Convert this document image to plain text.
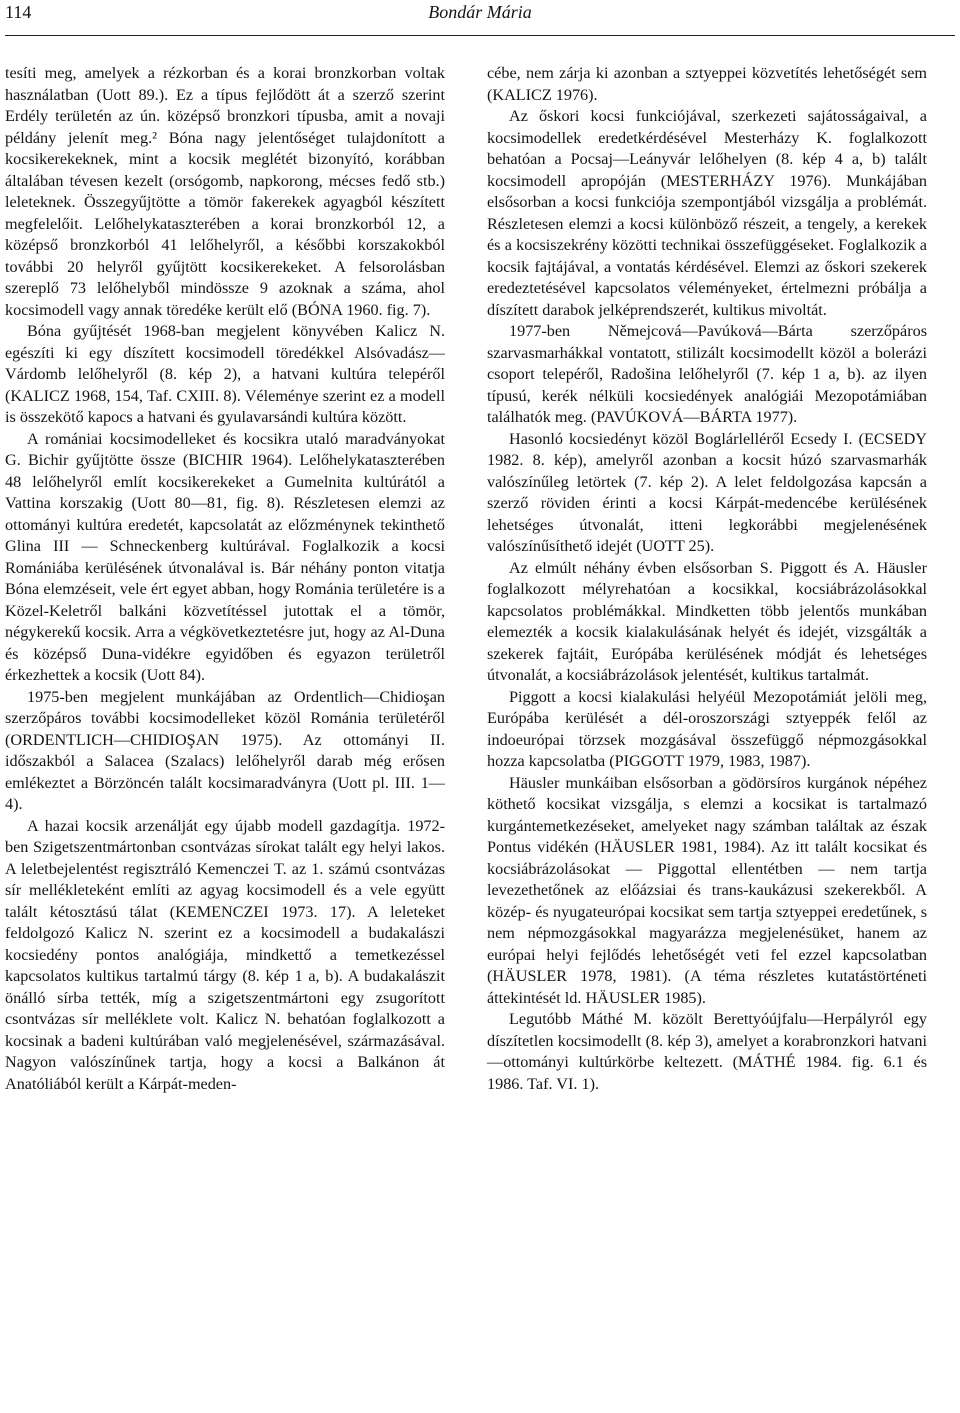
114	Bondár Mária

tesíti meg, amelyek a rézkorban és a korai bronzkorban voltak használatban (Uott 89.). Ez a típus fejlődött át a szerző szerint Erdély területén az ún. középső bronzkori típusba, amit a novaji példány jelenít meg.² Bóna nagy jelentőséget tulajdonított a kocsikerekeknek, mint a kocsik meglétét bizonyító, korábban általában tévesen kezelt (orsógomb, napkorong, mécses fedő stb.) leleteknek. Összegyűjtötte a tömör fakerekek agyagból készített megfelelőit. Lelőhelykataszterében a korai bronzkorból 12, a középső bronzkorból 41 lelőhelyről, a későbbi korszakokból további 20 helyről gyűjtött kocsikerekeket. A felsorolásban szereplő 73 lelőhelyből mindössze 9 azoknak a száma, ahol kocsimodell vagy annak töredéke került elő (BÓNA 1960. fig. 7).

Bóna gyűjtését 1968-ban megjelent könyvében Kalicz N. egészíti ki egy díszített kocsimodell töredékkel Alsóvadász—Várdomb lelőhelyről (8. kép 2), a hatvani kultúra telepéről (KALICZ 1968, 154, Taf. CXIII. 8). Véleménye szerint ez a modell is összekötő kapocs a hatvani és gyulavarsándi kultúra között.

A romániai kocsimodelleket és kocsikra utaló maradványokat G. Bichir gyűjtötte össze (BICHIR 1964). Lelőhelykataszterében 48 lelőhelyről említ kocsikerekeket a Gumelnita kultúrától a Vattina korszakig (Uott 80—81, fig. 8). Részletesen elemzi az ottományi kultúra eredetét, kapcsolatát az előzménynek tekinthető Glina III — Schneckenberg kultúrával. Foglalkozik a kocsi Romániába kerülésének útvonalával is. Bár néhány ponton vitatja Bóna elemzéseit, vele ért egyet abban, hogy Románia területére is a Közel-Keletről balkáni közvetítéssel jutottak el a tömör, négykerekű kocsik. Arra a végkövetkeztetésre jut, hogy az Al-Duna és középső Duna-vidékre egyidőben és egyazon területről érkezhettek a kocsik (Uott 84).

1975-ben megjelent munkájában az Ordentlich—Chidioşan szerzőpáros további kocsimodelleket közöl Románia területéről (ORDENTLICH—CHIDIOŞAN 1975). Az ottományi II. időszakból a Salacea (Szalacs) lelőhelyről darab még erősen emlékeztet a Börzöncén talált kocsimaradványra (Uott pl. III. 1—4).

A hazai kocsik arzenálját egy újabb modell gazdagítja. 1972-ben Szigetszentmártonban csontvázas sírokat talált egy helyi lakos. A leletbejelentést regisztráló Kemenczei T. az 1. számú csontvázas sír mellékleteként említi az agyag kocsimodell és a vele együtt talált kétosztású tálat (KEMENCZEI 1973. 17). A leleteket feldolgozó Kalicz N. szerint ez a kocsimodell a budakalászi kocsiedény pontos analógiája, mindkettő a temetkezéssel kapcsolatos kultikus tartalmú tárgy (8. kép 1 a, b). A budakalászit önálló sírba tették, míg a szigetszentmártoni egy zsugorított csontvázas sír melléklete volt. Kalicz N. behatóan foglalkozott a kocsinak a badeni kultúrában való megjelenésével, származásával. Nagyon valószínűnek tartja, hogy a kocsi a Balkánon át Anatóliából került a Kárpát-meden-

cébe, nem zárja ki azonban a sztyeppei közvetítés lehetőségét sem (KALICZ 1976).

Az őskori kocsi funkciójával, szerkezeti sajátosságaival, a kocsimodellek eredetkérdésével Mesterházy K. foglalkozott behatóan a Pocsaj—Leányvár lelőhelyen (8. kép 4 a, b) talált kocsimodell apropóján (MESTERHÁZY 1976). Munkájában elsősorban a kocsi funkciója szempontjából vizsgálja a problémát. Részletesen elemzi a kocsi különböző részeit, a tengely, a kerekek és a kocsiszekrény közötti technikai összefüggéseket. Foglalkozik a kocsik fajtájával, a vontatás kérdésével. Elemzi az őskori szekerek eredeztetésével kapcsolatos véleményeket, értelmezni próbálja a díszített darabok jelképrendszerét, kultikus mivoltát.

1977-ben Němejcová—Pavúková—Bárta szerzőpáros szarvasmarhákkal vontatott, stilizált kocsimodellt közöl a bolerázi csoport telepéről, Radošina lelőhelyről (7. kép 1 a, b). az ilyen típusú, kerék nélküli kocsiedények analógiái Mezopotámiában találhatók meg. (PAVÚKOVÁ—BÁRTA 1977).

Hasonló kocsiedényt közöl Boglárlelléről Ecsedy I. (ECSEDY 1982. 8. kép), amelyről azonban a kocsit húzó szarvasmarhák valószínűleg letörtek (7. kép 2). A lelet feldolgozása kapcsán a szerző röviden érinti a kocsi Kárpát-medencébe kerülésének lehetséges útvonalát, itteni legkorábbi megjelenésének valószínűsíthető idejét (UOTT 25).

Az elmúlt néhány évben elsősorban S. Piggott és A. Häusler foglalkozott mélyrehatóan a kocsikkal, kocsiábrázolásokkal kapcsolatos problémákkal. Mindketten több jelentős munkában elemezték a kocsik kialakulásának helyét és idejét, vizsgálták a szekerek fajtáit, Európába kerülésének módját és lehetséges útvonalát, a kocsiábrázolások jelentését, kultikus tartalmát.

Piggott a kocsi kialakulási helyéül Mezopotámiát jelöli meg, Európába kerülését a dél-oroszországi sztyeppék felől az indoeurópai törzsek mozgásával összefüggő népmozgásokkal hozza kapcsolatba (PIGGOTT 1979, 1983, 1987).

Häusler munkáiban elsősorban a gödörsíros kurgánok népéhez köthető kocsikat vizsgálja, s elemzi a kocsikat is tartalmazó kurgántemetkezéseket, amelyeket nagy számban találtak az észak Pontus vidékén (HÄUSLER 1981, 1984). Az itt talált kocsikat és kocsiábrázolásokat — Piggottal ellentétben — nem tartja levezethetőnek az előázsiai és trans-kaukázusi szekerekből. A közép- és nyugateurópai kocsikat sem tartja sztyeppei eredetűnek, s nem népmozgásokkal magyarázza megjelenésüket, hanem az európai helyi fejlődés lehetőségét veti fel ezzel kapcsolatban (HÄUSLER 1978, 1981). (A téma részletes kutatástörténeti áttekintését ld. HÄUSLER 1985).

Legutóbb Máthé M. közölt Berettyóújfalu—Herpályról egy díszítetlen kocsimodellt (8. kép 3), amelyet a korabronzkori hatvani—ottományi kultúrkörbe keltezett. (MÁTHÉ 1984. fig. 6.1 és 1986. Taf. VI. 1).
